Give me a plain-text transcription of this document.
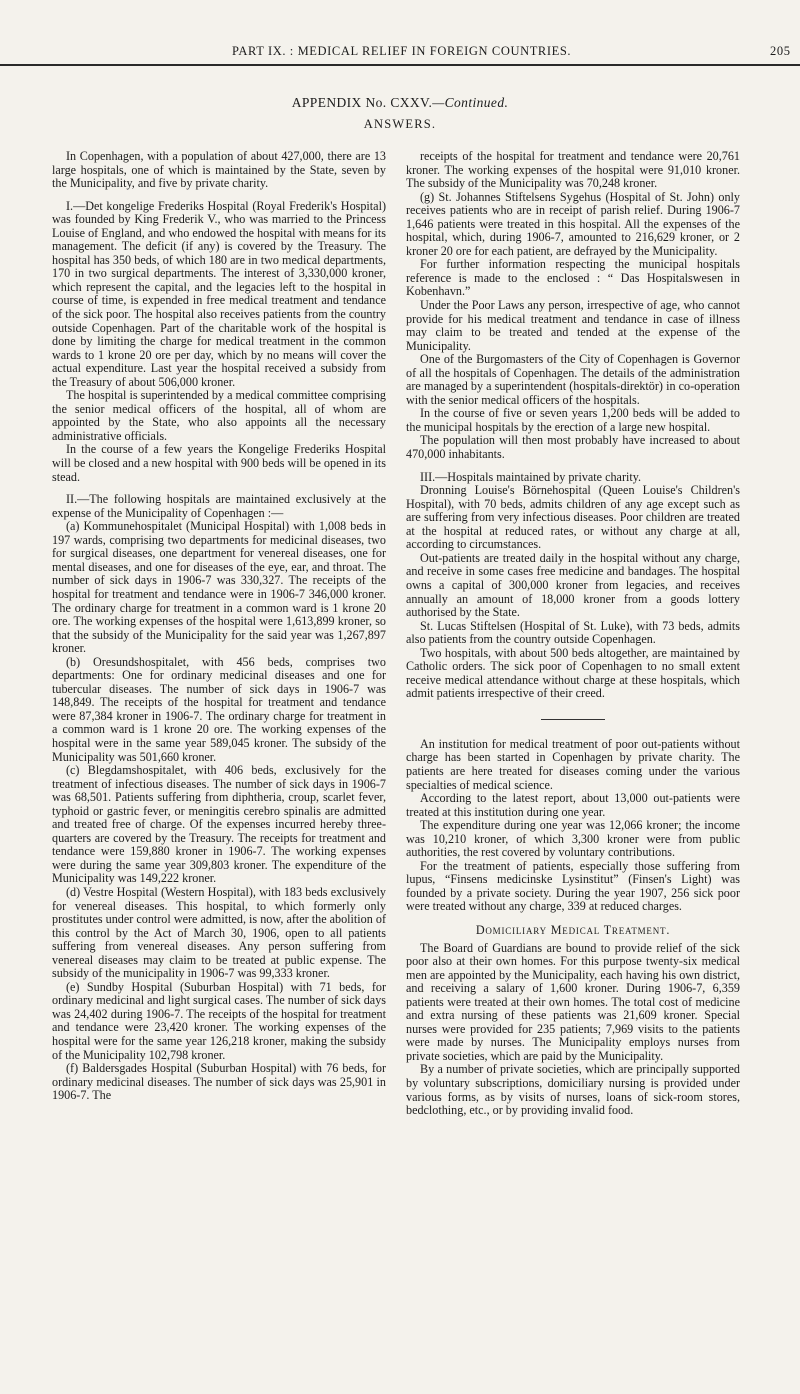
PART IX. : MEDICAL RELIEF IN FOREIGN COUNTRIES.	205
APPENDIX No. CXXV.—Continued.
ANSWERS.

In Copenhagen, with a population of about 427,000, there are 13 large hospitals, one of which is maintained by the State, seven by the Municipality, and five by private charity.

I.—Det kongelige Frederiks Hospital (Royal Frederik's Hospital) was founded by King Frederik V., who was married to the Princess Louise of England, and who endowed the hospital with means for its management. The deficit (if any) is covered by the Treasury. The hospital has 350 beds, of which 180 are in two medical departments, 170 in two surgical departments. The interest of 3,330,000 kroner, which represent the capital, and the legacies left to the hospital in course of time, is expended in free medical treatment and tendance of the sick poor. The hospital also receives patients from the country outside Copenhagen. Part of the charitable work of the hospital is done by limiting the charge for medical treatment in the common wards to 1 krone 20 ore per day, which by no means will cover the actual expenditure. Last year the hospital received a subsidy from the Treasury of about 506,000 kroner.

The hospital is superintended by a medical committee comprising the senior medical officers of the hospital, all of whom are appointed by the State, who also appoints all the necessary administrative officials.

In the course of a few years the Kongelige Frederiks Hospital will be closed and a new hospital with 900 beds will be opened in its stead.

II.—The following hospitals are maintained exclusively at the expense of the Municipality of Copenhagen :—

(a) Kommunehospitalet (Municipal Hospital) with 1,008 beds in 197 wards, comprising two departments for medicinal diseases, two for surgical diseases, one department for venereal diseases, one for mental diseases, and one for diseases of the eye, ear, and throat. The number of sick days in 1906-7 was 330,327. The receipts of the hospital for treatment and tendance were in 1906-7 346,000 kroner. The ordinary charge for treatment in a common ward is 1 krone 20 ore. The working expenses of the hospital were 1,613,899 kroner, so that the subsidy of the Municipality for the said year was 1,267,897 kroner.

(b) Oresundshospitalet, with 456 beds, comprises two departments: One for ordinary medicinal diseases and one for tubercular diseases. The number of sick days in 1906-7 was 148,849. The receipts of the hospital for treatment and tendance were 87,384 kroner in 1906-7. The ordinary charge for treatment in a common ward is 1 krone 20 ore. The working expenses of the hospital were in the same year 589,045 kroner. The subsidy of the Municipality was 501,660 kroner.

(c) Blegdamshospitalet, with 406 beds, exclusively for the treatment of infectious diseases. The number of sick days in 1906-7 was 68,501. Patients suffering from diphtheria, croup, scarlet fever, typhoid or gastric fever, or meningitis cerebro spinalis are admitted and treated free of charge. Of the expenses incurred hereby three-quarters are covered by the Treasury. The receipts for treatment and tendance were 159,880 kroner in 1906-7. The working expenses were during the same year 309,803 kroner. The expenditure of the Municipality was 149,222 kroner.

(d) Vestre Hospital (Western Hospital), with 183 beds exclusively for venereal diseases. This hospital, to which formerly only prostitutes under control were admitted, is now, after the abolition of this control by the Act of March 30, 1906, open to all patients suffering from venereal diseases. Any person suffering from venereal diseases may claim to be treated at public expense. The subsidy of the municipality in 1906-7 was 99,333 kroner.

(e) Sundby Hospital (Suburban Hospital) with 71 beds, for ordinary medicinal and light surgical cases. The number of sick days was 24,402 during 1906-7. The receipts of the hospital for treatment and tendance were 23,420 kroner. The working expenses of the hospital were for the same year 126,218 kroner, making the subsidy of the Municipality 102,798 kroner.

(f) Baldersgades Hospital (Suburban Hospital) with 76 beds, for ordinary medicinal diseases. The number of sick days was 25,901 in 1906-7. The

receipts of the hospital for treatment and tendance were 20,761 kroner. The working expenses of the hospital were 91,010 kroner. The subsidy of the Municipality was 70,248 kroner.

(g) St. Johannes Stiftelsens Sygehus (Hospital of St. John) only receives patients who are in receipt of parish relief. During 1906-7 1,646 patients were treated in this hospital. All the expenses of the hospital, which, during 1906-7, amounted to 216,629 kroner, or 2 kroner 20 ore for each patient, are defrayed by the Municipality.

For further information respecting the municipal hospitals reference is made to the enclosed : “ Das Hospitalswesen in Kobenhavn.”

Under the Poor Laws any person, irrespective of age, who cannot provide for his medical treatment and tendance in case of illness may claim to be treated and tended at the expense of the Municipality.

One of the Burgomasters of the City of Copenhagen is Governor of all the hospitals of Copenhagen. The details of the administration are managed by a superintendent (hospitals-direktör) in co-operation with the senior medical officers of the hospitals.

In the course of five or seven years 1,200 beds will be added to the municipal hospitals by the erection of a large new hospital.

The population will then most probably have increased to about 470,000 inhabitants.

III.—Hospitals maintained by private charity.

Dronning Louise's Börnehospital (Queen Louise's Children's Hospital), with 70 beds, admits children of any age except such as are suffering from very infectious diseases. Poor children are treated at the hospital at reduced rates, or without any charge at all, according to circumstances.

Out-patients are treated daily in the hospital without any charge, and receive in some cases free medicine and bandages. The hospital owns a capital of 300,000 kroner from legacies, and receives annually an amount of 18,000 kroner from a goods lottery authorised by the State.

St. Lucas Stiftelsen (Hospital of St. Luke), with 73 beds, admits also patients from the country outside Copenhagen.

Two hospitals, with about 500 beds altogether, are maintained by Catholic orders. The sick poor of Copenhagen to no small extent receive medical attendance without charge at these hospitals, which admit patients irrespective of their creed.

An institution for medical treatment of poor out-patients without charge has been started in Copenhagen by private charity. The patients are here treated for diseases coming under the various specialties of medical science.

According to the latest report, about 13,000 out-patients were treated at this institution during one year.

The expenditure during one year was 12,066 kroner; the income was 10,210 kroner, of which 3,300 kroner were from public authorities, the rest covered by voluntary contributions.

For the treatment of patients, especially those suffering from lupus, “Finsens medicinske Lysinstitut” (Finsen's Light) was founded by a private society. During the year 1907, 256 sick poor were treated without any charge, 339 at reduced charges.

Domiciliary Medical Treatment.

The Board of Guardians are bound to provide relief of the sick poor also at their own homes. For this purpose twenty-six medical men are appointed by the Municipality, each having his own district, and receiving a salary of 1,600 kroner. During 1906-7, 6,359 patients were treated at their own homes. The total cost of medicine and extra nursing of these patients was 21,609 kroner. Special nurses were provided for 235 patients; 7,969 visits to the patients were made by nurses. The Municipality employs nurses from private societies, which are paid by the Municipality.

By a number of private societies, which are principally supported by voluntary subscriptions, domiciliary nursing is provided under various forms, as by visits of nurses, loans of sick-room stores, bedclothing, etc., or by providing invalid food.
